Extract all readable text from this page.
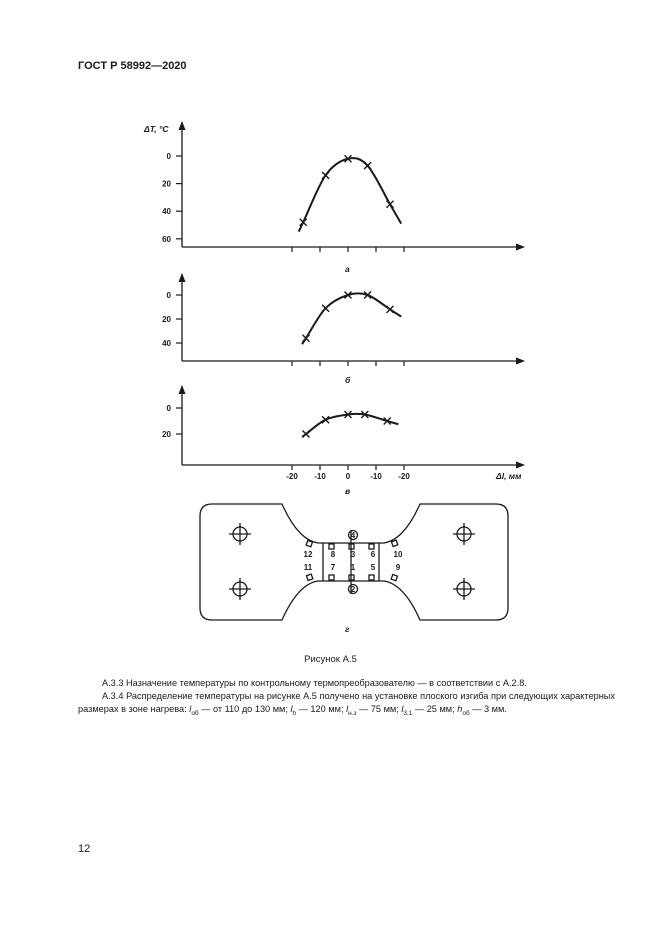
ГОСТ Р 58992—2020
ΔT, °C
0
20
40
60
а
0
20
40
б
0
20
-20 -10 0 -10 -20	Δl, мм
в
1
2
3
4
5
6
7
8
9
10
11
12
г
Рисунок А.5
А.3.3 Назначение температуры по контрольному термопреобразователю — в соответствии с А.2.8.
А.3.4 Распределение температуры на рисунке А.5 получено на установке плоского изгиба при следующих характерных размерах в зоне нагрева: $l_{об}$ — от 110 до 130 мм; $l_h$ — 120 мм; $l_{н.з}$ — 75 мм; $l_{3,1}$ — 25 мм; $h_{об}$ — 3 мм.
12
